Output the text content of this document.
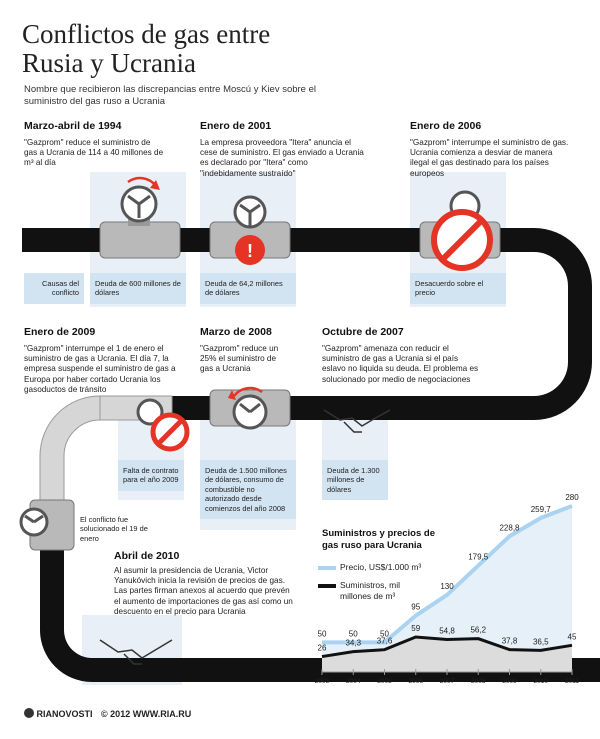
Conflictos de gas entre Rusia y Ucrania
Nombre que recibieron las discrepancias entre Moscú y Kiev sobre el suministro del gas ruso a Ucrania
!
Marzo-abril de 1994
"Gazprom" reduce el suministro de gas a Ucrania de 114 a 40 millones de m³ al día
Enero de 2001
La empresa proveedora "Itera" anuncia el cese de suministro. El gas enviado a Ucrania es declarado por "Itera" como "indebidamente sustraído"
Enero de 2006
"Gazprom" interrumpe el suministro de gas. Ucrania comienza a desviar de manera ilegal el gas destinado para los países europeos
Enero de 2009
"Gazprom" interrumpe el 1 de enero el suministro de gas a Ucrania. El día 7, la empresa suspende el suministro de gas a Europa por haber cortado Ucrania los gasoductos de tránsito
Marzo de 2008
"Gazprom" reduce un 25% el suministro de gas a Ucrania
Octubre de 2007
"Gazprom" amenaza con reducir el suministro de gas a Ucrania si el país eslavo no liquida su deuda. El problema es solucionado por medio de negociaciones
Abril de 2010
Al asumir la presidencia de Ucrania, Victor Yanukóvich inicia la revisión de precios de gas. Las partes firman anexos al acuerdo que prevén el aumento de importaciones de gas así como un descuento en el precio para Ucrania
Causas del conflicto
Deuda de 600 millones de dólares
Deuda de 64,2 millones de dólares
Desacuerdo sobre el precio
Falta de contrato para el año 2009
Deuda de 1.500 millones de dólares, consumo de combustible no autorizado desde comienzos del año 2008
Deuda de 1.300 millones de dólares
El conflicto fue solucionado el 19 de enero	Suministros y precios de gas ruso para Ucrania
Precio, US$/1.000 m³
Suministros, mil millones de m³
50	50	50
95
130
179,5
228,8
259,7
280
26
34,3 37,6
59 54,8 56,2
37,8 36,5
45
2003	2004	2005	2006	2007	2008	2009	2010	2011
RIANOVOSTI © 2012 WWW.RIA.RU
